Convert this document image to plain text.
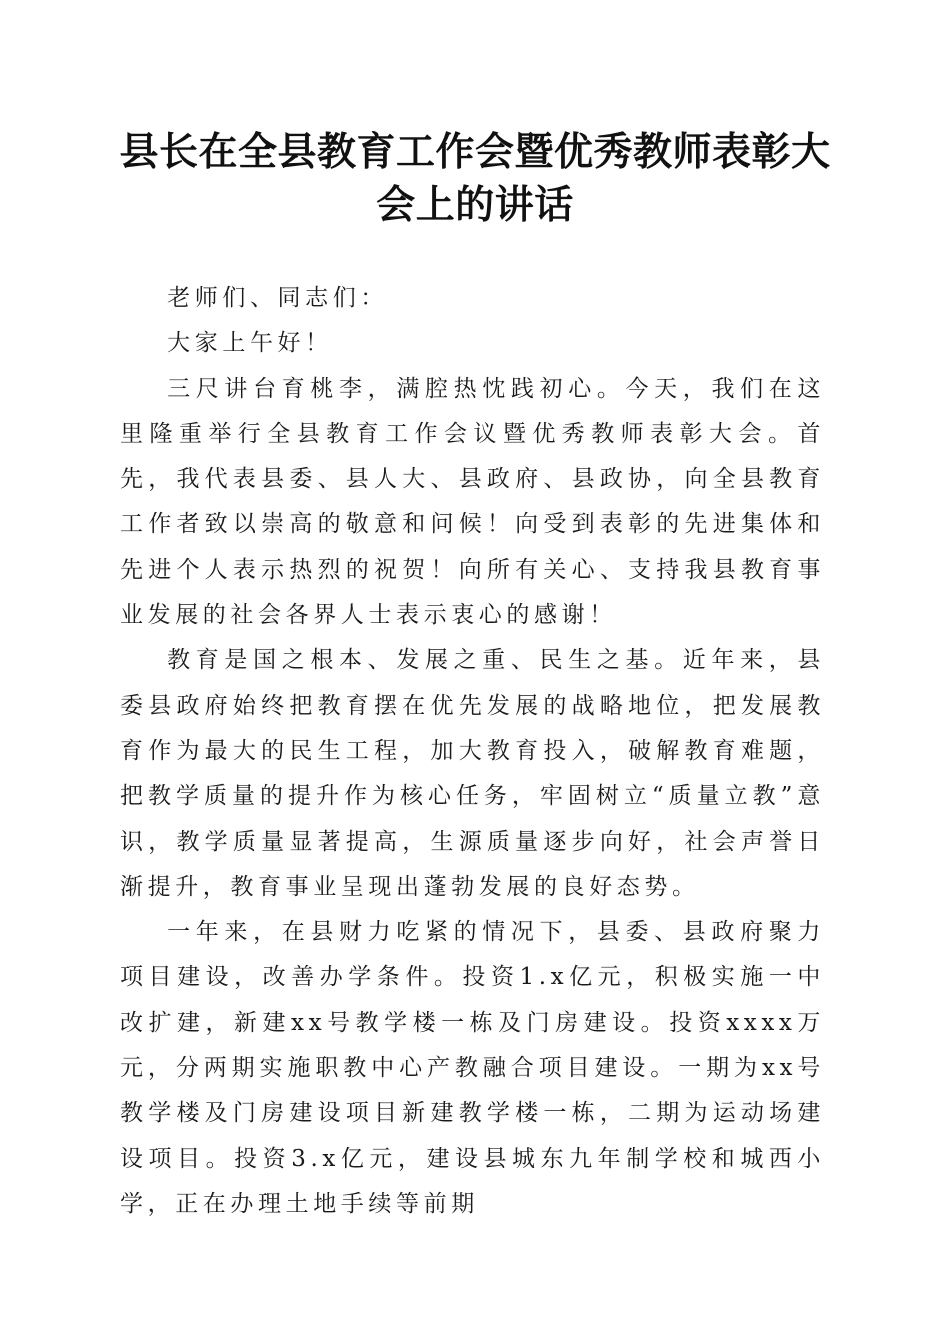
县长在全县教育工作会暨优秀教师表彰大会上的讲话

老师们、同志们：

大家上午好！

三尺讲台育桃李，满腔热忱践初心。今天，我们在这里隆重举行全县教育工作会议暨优秀教师表彰大会。首先，我代表县委、县人大、县政府、县政协，向全县教育工作者致以崇高的敬意和问候！向受到表彰的先进集体和先进个人表示热烈的祝贺！向所有关心、支持我县教育事业发展的社会各界人士表示衷心的感谢！

教育是国之根本、发展之重、民生之基。近年来，县委县政府始终把教育摆在优先发展的战略地位，把发展教育作为最大的民生工程，加大教育投入，破解教育难题，把教学质量的提升作为核心任务，牢固树立“质量立教”意识，教学质量显著提高，生源质量逐步向好，社会声誉日渐提升，教育事业呈现出蓬勃发展的良好态势。

一年来，在县财力吃紧的情况下，县委、县政府聚力项目建设，改善办学条件。投资1.x亿元，积极实施一中改扩建，新建xx号教学楼一栋及门房建设。投资xxxx万元，分两期实施职教中心产教融合项目建设。一期为xx号教学楼及门房建设项目新建教学楼一栋，二期为运动场建设项目。投资3.x亿元，建设县城东九年制学校和城西小学，正在办理土地手续等前期
